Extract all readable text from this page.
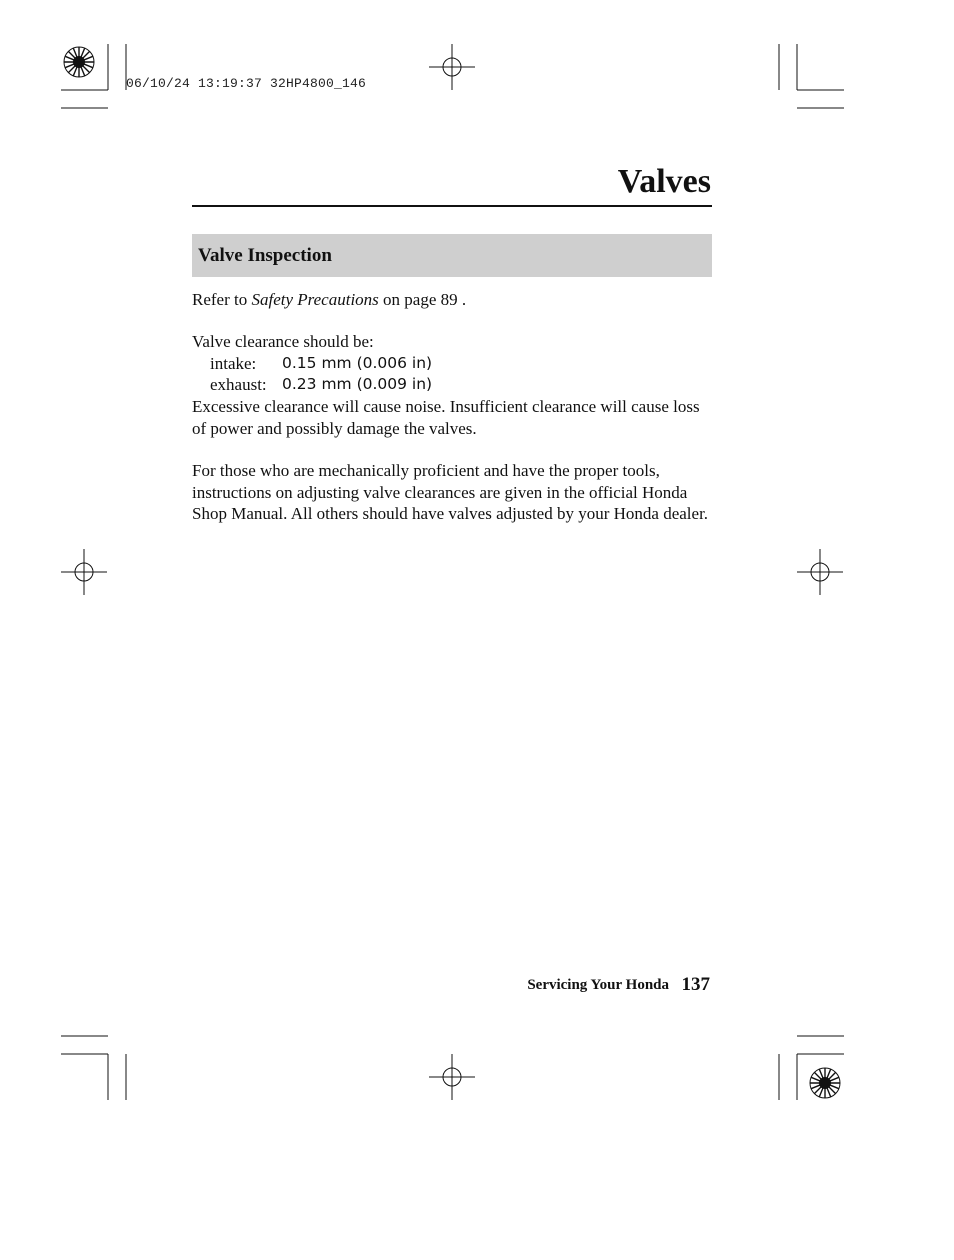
06/10/24 13:19:37 32HP4800_146
Valves
Valve Inspection
Refer to Safety Precautions on page 89 .
Valve clearance should be:
intake: 0.15 mm (0.006 in)
exhaust: 0.23 mm (0.009 in)
Excessive clearance will cause noise. Insufficient clearance will cause loss of power and possibly damage the valves.
For those who are mechanically proficient and have the proper tools, instructions on adjusting valve clearances are given in the official Honda Shop Manual. All others should have valves adjusted by your Honda dealer.
Servicing Your Honda 137
